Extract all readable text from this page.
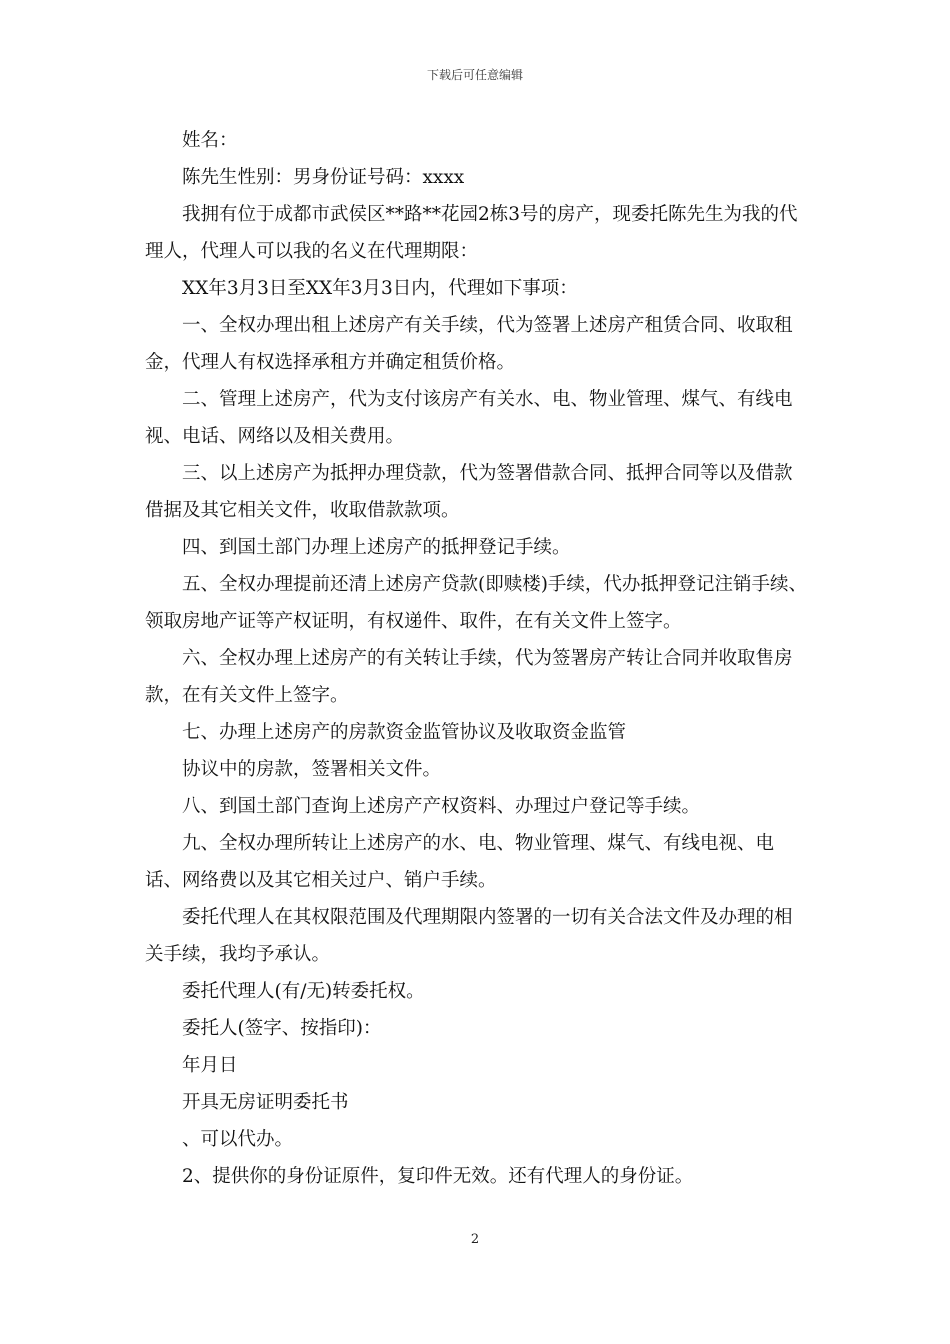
下载后可任意编辑

姓名：

陈先生性别：男身份证号码：xxxx

我拥有位于成都市武侯区**路**花园2栋3号的房产，现委托陈先生为我的代理人，代理人可以我的名义在代理期限：

XX年3月3日至XX年3月3日内，代理如下事项：

一、全权办理出租上述房产有关手续，代为签署上述房产租赁合同、收取租金，代理人有权选择承租方并确定租赁价格。

二、管理上述房产，代为支付该房产有关水、电、物业管理、煤气、有线电视、电话、网络以及相关费用。

三、以上述房产为抵押办理贷款，代为签署借款合同、抵押合同等以及借款借据及其它相关文件，收取借款款项。

四、到国土部门办理上述房产的抵押登记手续。

五、全权办理提前还清上述房产贷款(即赎楼)手续，代办抵押登记注销手续、领取房地产证等产权证明，有权递件、取件，在有关文件上签字。

六、全权办理上述房产的有关转让手续，代为签署房产转让合同并收取售房款，在有关文件上签字。

七、办理上述房产的房款资金监管协议及收取资金监管

协议中的房款，签署相关文件。

八、到国土部门查询上述房产产权资料、办理过户登记等手续。

九、全权办理所转让上述房产的水、电、物业管理、煤气、有线电视、电话、网络费以及其它相关过户、销户手续。

委托代理人在其权限范围及代理期限内签署的一切有关合法文件及办理的相关手续，我均予承认。

委托代理人(有/无)转委托权。

委托人(签字、按指印)：

年月日

开具无房证明委托书

、可以代办。

2、提供你的身份证原件，复印件无效。还有代理人的身份证。

2
